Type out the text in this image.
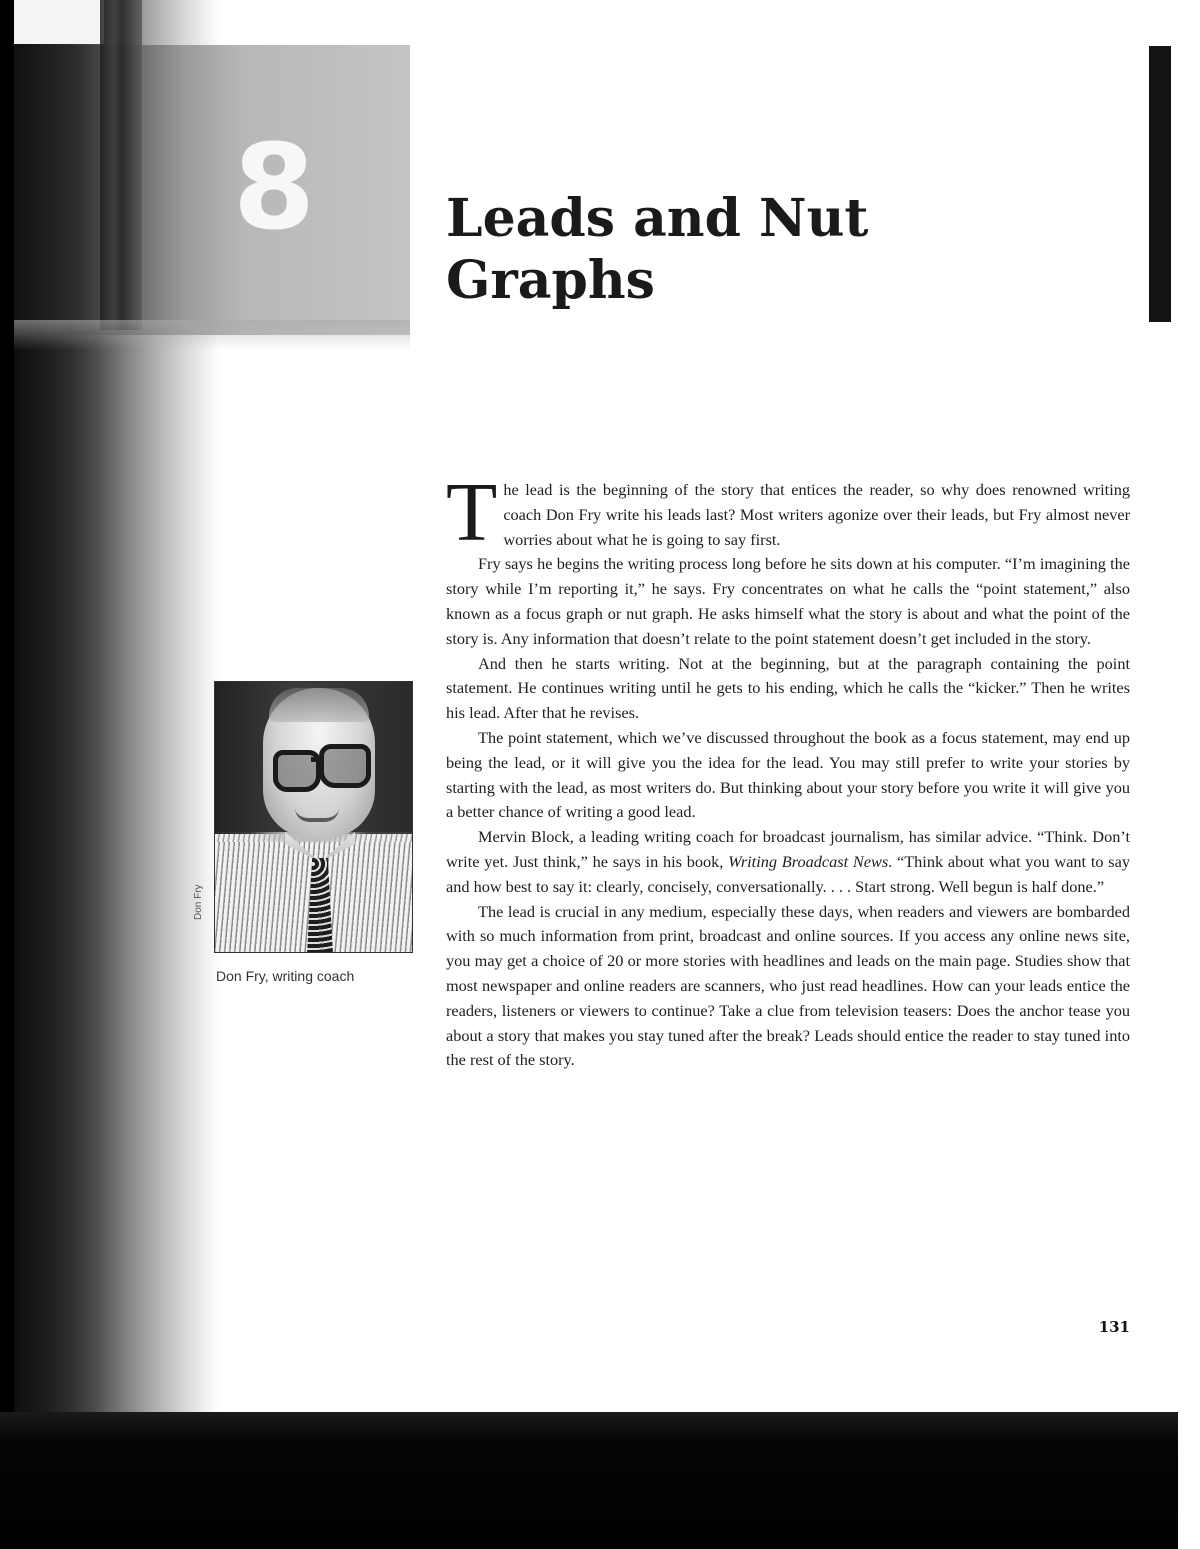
8	Leads and Nut
Graphs
Don Fry
Don Fry, writing coach

The lead is the beginning of the story that entices the reader, so why does renowned writing coach Don Fry write his leads last? Most writers agonize over their leads, but Fry almost never worries about what he is going to say first.

Fry says he begins the writing process long before he sits down at his computer. “I’m imagining the story while I’m reporting it,” he says. Fry concentrates on what he calls the “point statement,” also known as a focus graph or nut graph. He asks himself what the story is about and what the point of the story is. Any information that doesn’t relate to the point statement doesn’t get included in the story.

And then he starts writing. Not at the beginning, but at the paragraph containing the point statement. He continues writing until he gets to his ending, which he calls the “kicker.” Then he writes his lead. After that he revises.

The point statement, which we’ve discussed throughout the book as a focus statement, may end up being the lead, or it will give you the idea for the lead. You may still prefer to write your stories by starting with the lead, as most writers do. But thinking about your story before you write it will give you a better chance of writing a good lead.

Mervin Block, a leading writing coach for broadcast journalism, has similar advice. “Think. Don’t write yet. Just think,” he says in his book, Writing Broadcast News. “Think about what you want to say and how best to say it: clearly, concisely, conversationally. . . . Start strong. Well begun is half done.”

The lead is crucial in any medium, especially these days, when readers and viewers are bombarded with so much information from print, broadcast and online sources. If you access any online news site, you may get a choice of 20 or more stories with headlines and leads on the main page. Studies show that most newspaper and online readers are scanners, who just read headlines. How can your leads entice the readers, listeners or viewers to continue? Take a clue from television teasers: Does the anchor tease you about a story that makes you stay tuned after the break? Leads should entice the reader to stay tuned into the rest of the story.

131
